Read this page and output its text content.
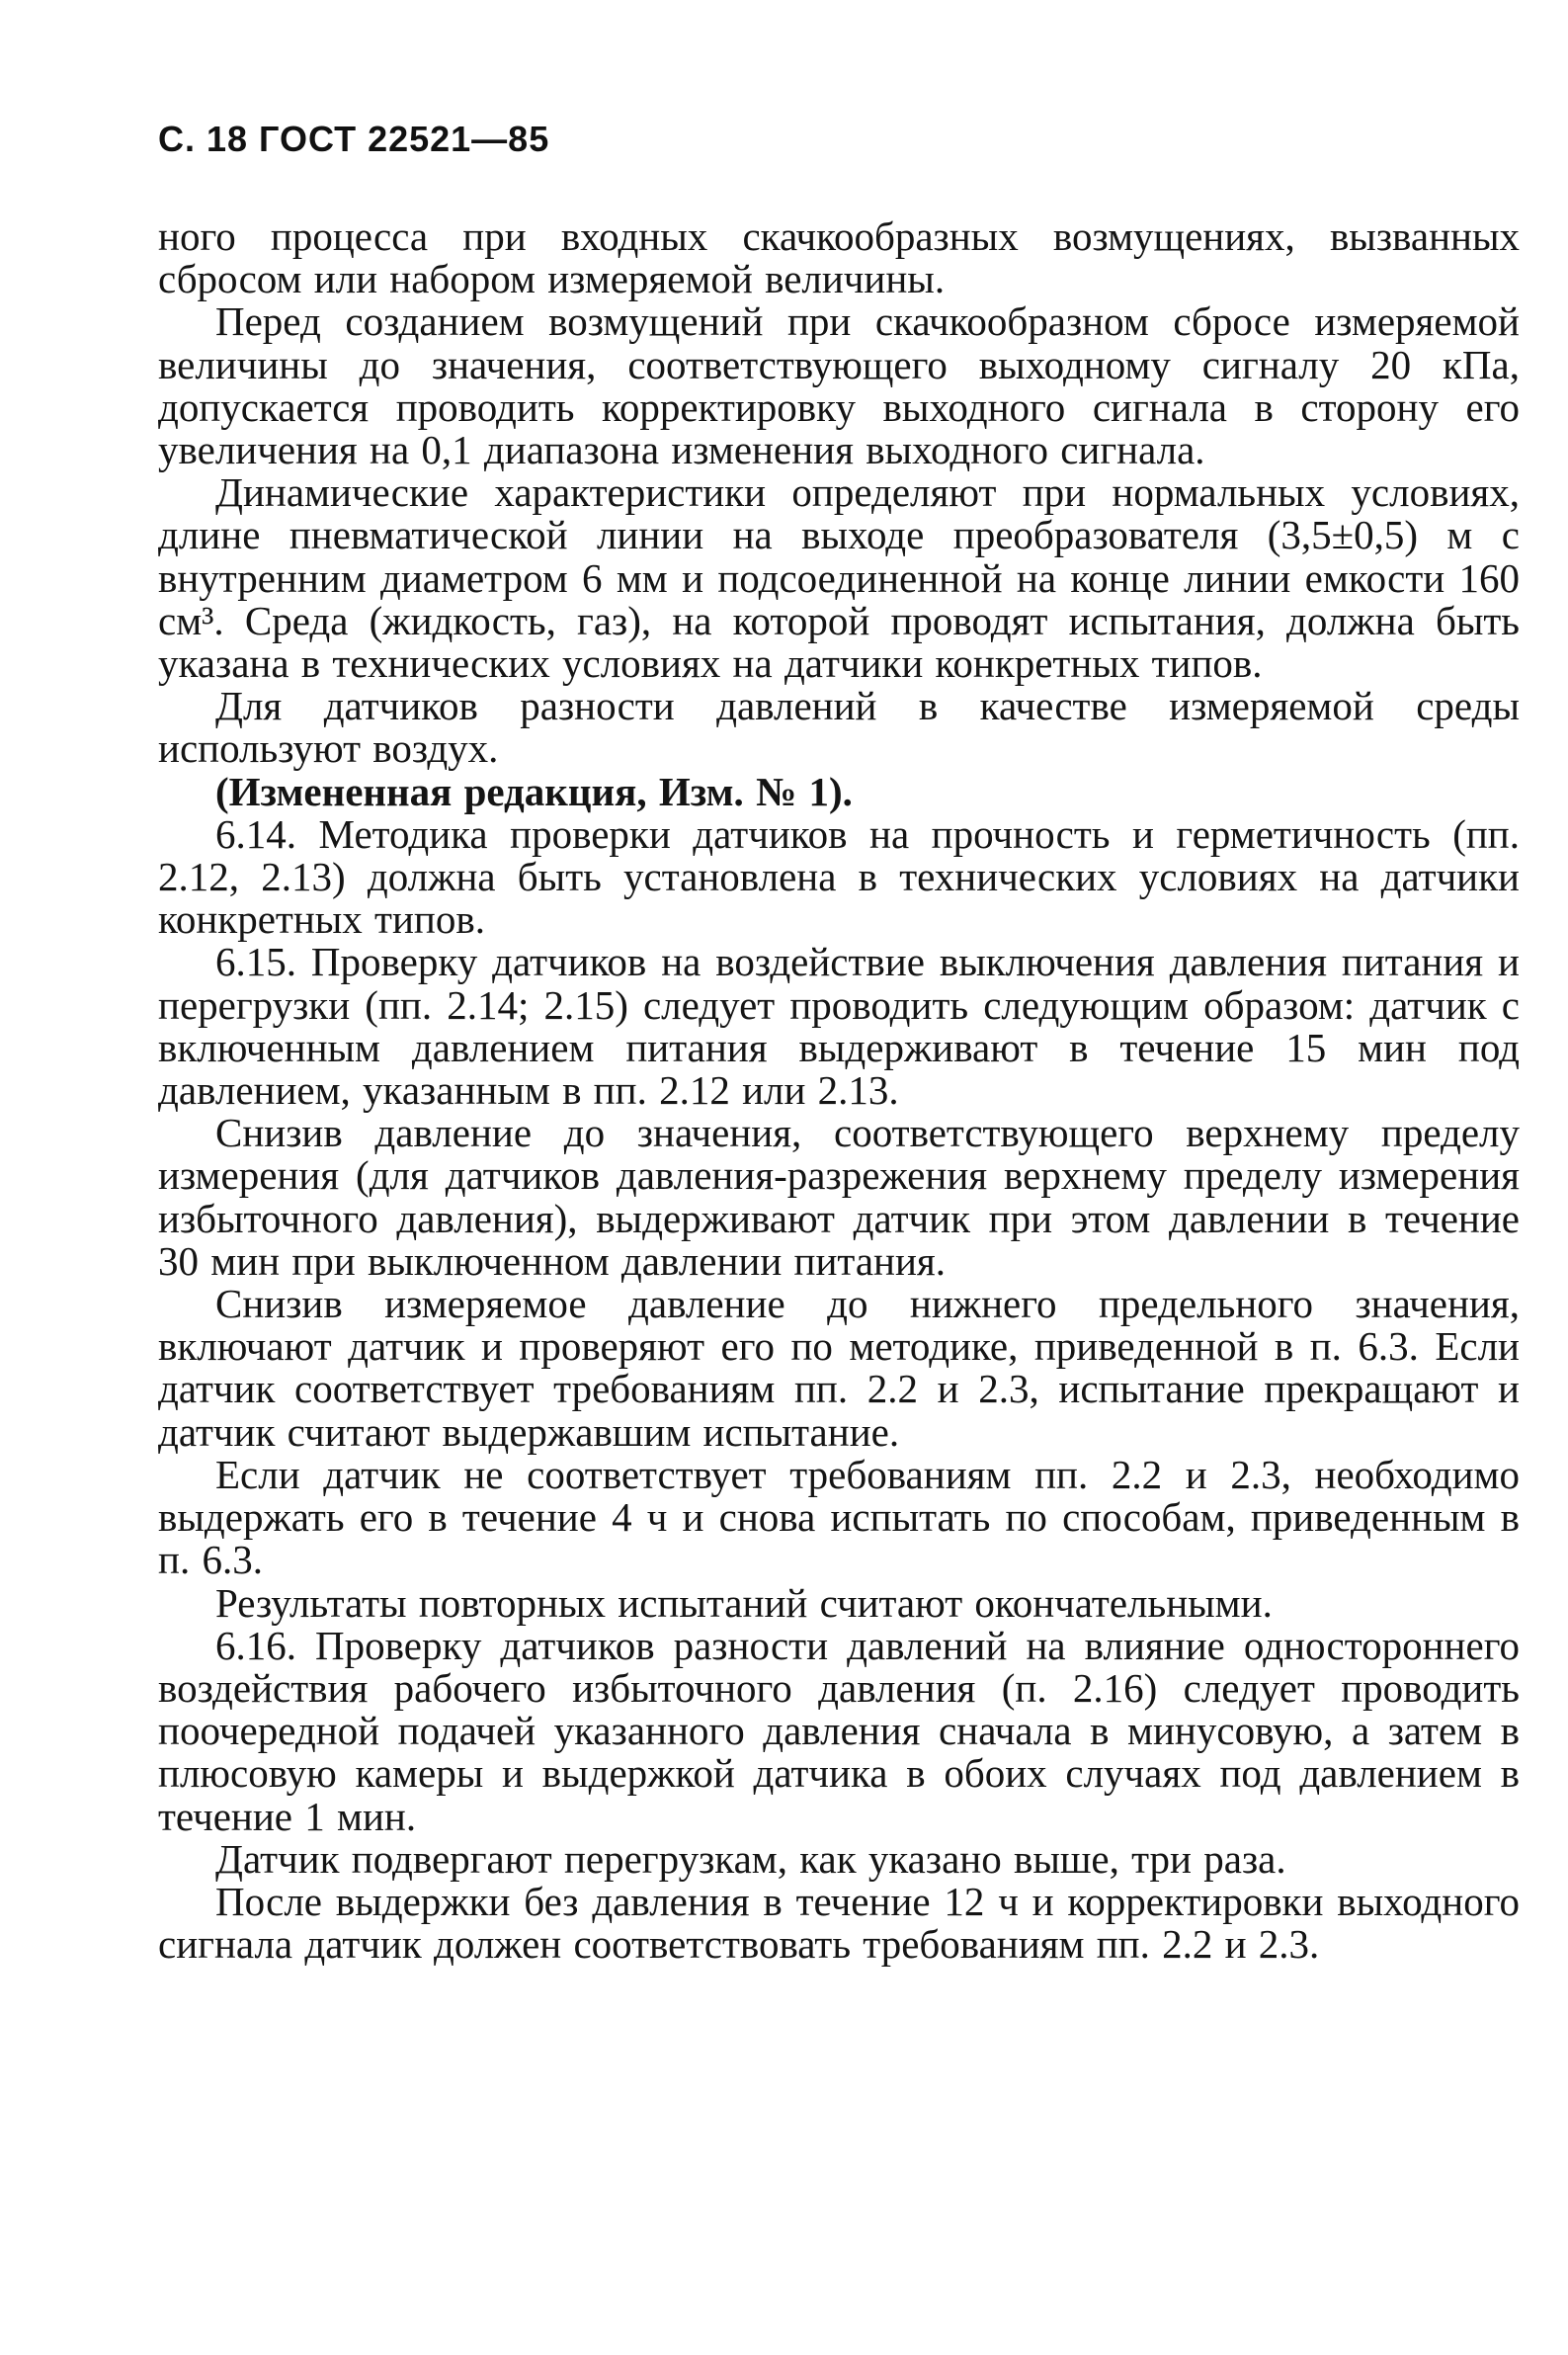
С. 18 ГОСТ 22521—85

ного процесса при входных скачкообразных возмущениях, вызванных сбросом или набором измеряемой величины.

Перед созданием возмущений при скачкообразном сбросе измеряемой величины до значения, соответствующего выходному сигналу 20 кПа, допускается проводить корректировку выходного сигнала в сторону его увеличения на 0,1 диапазона изменения выходного сигнала.

Динамические характеристики определяют при нормальных условиях, длине пневматической линии на выходе преобразователя (3,5±0,5) м с внутренним диаметром 6 мм и подсоединенной на конце линии емкости 160 см³. Среда (жидкость, газ), на которой проводят испытания, должна быть указана в технических условиях на датчики конкретных типов.

Для датчиков разности давлений в качестве измеряемой среды используют воздух.

(Измененная редакция, Изм. № 1).

6.14. Методика проверки датчиков на прочность и герметичность (пп. 2.12, 2.13) должна быть установлена в технических условиях на датчики конкретных типов.

6.15. Проверку датчиков на воздействие выключения давления питания и перегрузки (пп. 2.14; 2.15) следует проводить следующим образом: датчик с включенным давлением питания выдерживают в течение 15 мин под давлением, указанным в пп. 2.12 или 2.13.

Снизив давление до значения, соответствующего верхнему пределу измерения (для датчиков давления-разрежения верхнему пределу измерения избыточного давления), выдерживают датчик при этом давлении в течение 30 мин при выключенном давлении питания.

Снизив измеряемое давление до нижнего предельного значения, включают датчик и проверяют его по методике, приведенной в п. 6.3. Если датчик соответствует требованиям пп. 2.2 и 2.3, испытание прекращают и датчик считают выдержавшим испытание.

Если датчик не соответствует требованиям пп. 2.2 и 2.3, необходимо выдержать его в течение 4 ч и снова испытать по способам, приведенным в п. 6.3.

Результаты повторных испытаний считают окончательными.

6.16. Проверку датчиков разности давлений на влияние одностороннего воздействия рабочего избыточного давления (п. 2.16) следует проводить поочередной подачей указанного давления сначала в минусовую, а затем в плюсовую камеры и выдержкой датчика в обоих случаях под давлением в течение 1 мин.

Датчик подвергают перегрузкам, как указано выше, три раза.

После выдержки без давления в течение 12 ч и корректировки выходного сигнала датчик должен соответствовать требованиям пп. 2.2 и 2.3.
